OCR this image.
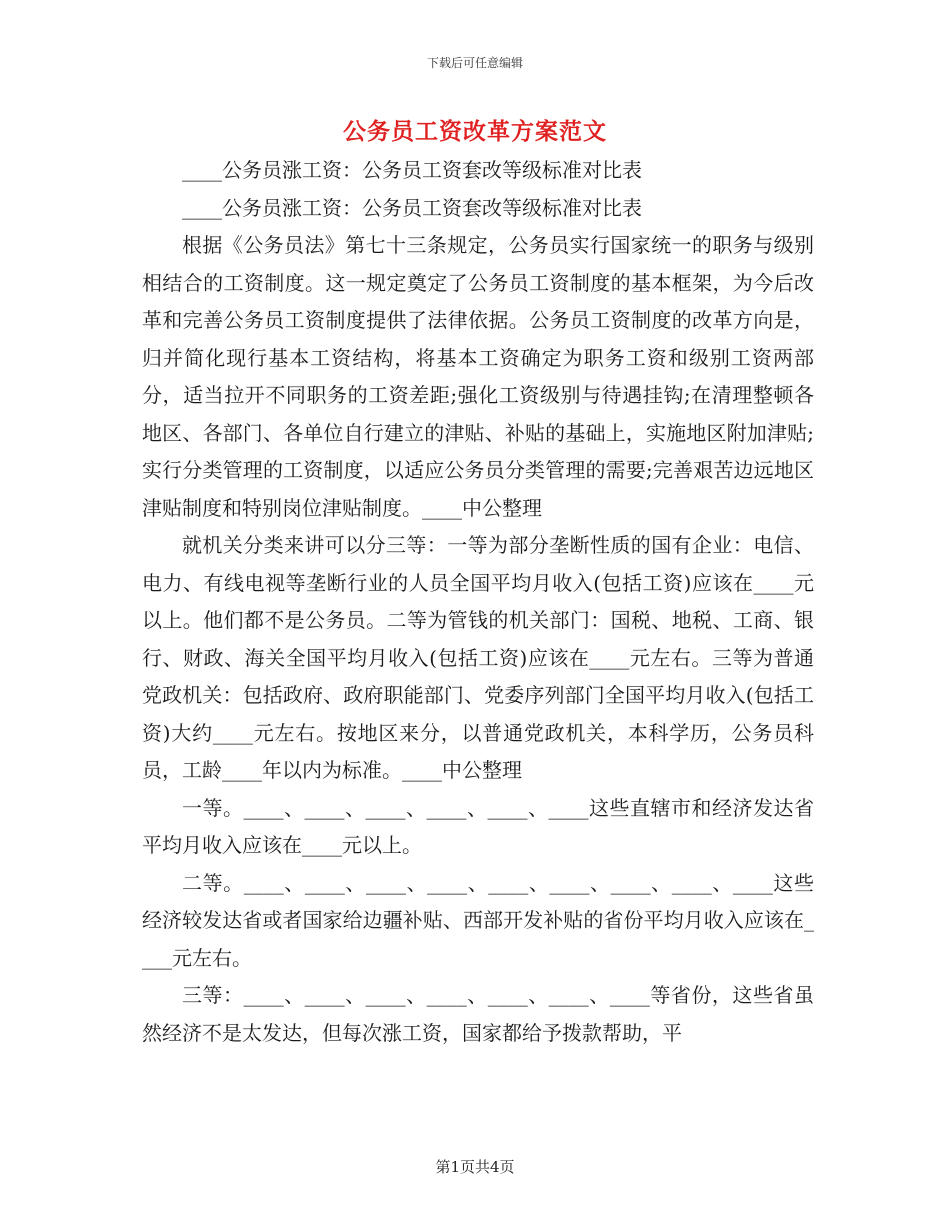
下载后可任意编辑
公务员工资改革方案范文

____公务员涨工资：公务员工资套改等级标准对比表

____公务员涨工资：公务员工资套改等级标准对比表

根据《公务员法》第七十三条规定，公务员实行国家统一的职务与级别相结合的工资制度。这一规定奠定了公务员工资制度的基本框架，为今后改革和完善公务员工资制度提供了法律依据。公务员工资制度的改革方向是，归并简化现行基本工资结构，将基本工资确定为职务工资和级别工资两部分，适当拉开不同职务的工资差距;强化工资级别与待遇挂钩;在清理整顿各地区、各部门、各单位自行建立的津贴、补贴的基础上，实施地区附加津贴;实行分类管理的工资制度，以适应公务员分类管理的需要;完善艰苦边远地区津贴制度和特别岗位津贴制度。____中公整理

就机关分类来讲可以分三等：一等为部分垄断性质的国有企业：电信、电力、有线电视等垄断行业的人员全国平均月收入(包括工资)应该在____元以上。他们都不是公务员。二等为管钱的机关部门：国税、地税、工商、银行、财政、海关全国平均月收入(包括工资)应该在____元左右。三等为普通党政机关：包括政府、政府职能部门、党委序列部门全国平均月收入(包括工资)大约____元左右。按地区来分，以普通党政机关，本科学历，公务员科员，工龄____年以内为标准。____中公整理

一等。____、____、____、____、____、____这些直辖市和经济发达省平均月收入应该在____元以上。

二等。____、____、____、____、____、____、____、____、____这些经济较发达省或者国家给边疆补贴、西部开发补贴的省份平均月收入应该在____元左右。

三等：____、____、____、____、____、____、____等省份，这些省虽然经济不是太发达，但每次涨工资，国家都给予拨款帮助，平

第1页共4页
